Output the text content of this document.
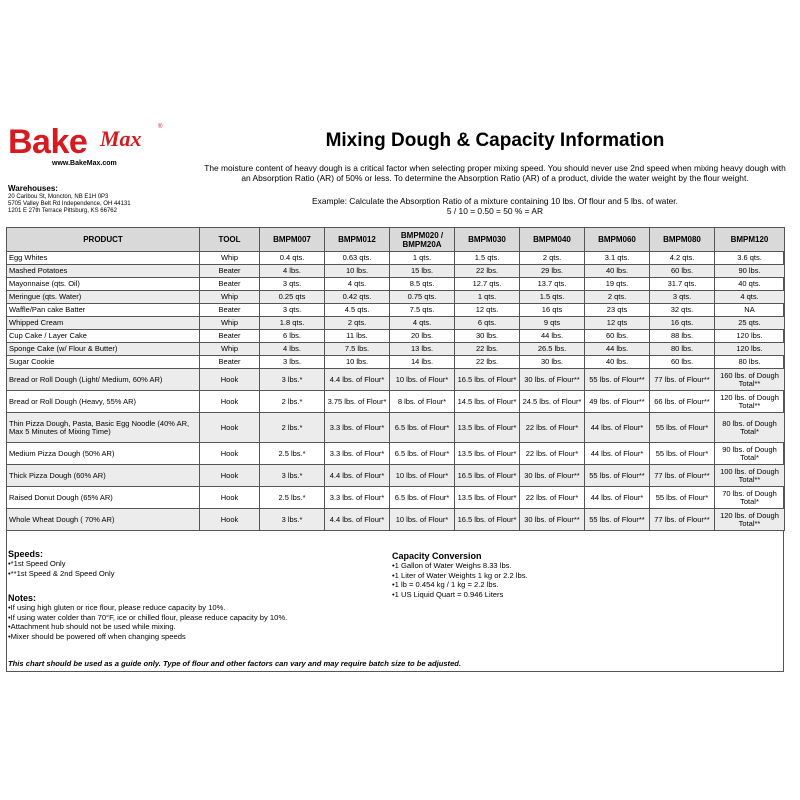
Bake Max	®
www.BakeMax.com
Mixing Dough & Capacity Information
The moisture content of heavy dough is a critical factor when selecting proper mixing speed. You should never use 2nd speed when mixing heavy dough with an Absorption Ratio (AR) of 50% or less. To determine the Absorption Ratio (AR) of a product, divide the water weight by the flour weight.
Example: Calculate the Absorption Ratio of a mixture containing 10 lbs. Of flour and 5 lbs. of water.
5 / 10 = 0.50 = 50 % = AR
Warehouses:
20 Caribou St, Moncton, NB E1H 0P3
5705 Valley Belt Rd Independence, OH 44131
1201 E 27th Terrace Pittsburg, KS 66762
PRODUCT	TOOL	BMPM007	BMPM012	BMPM020 / BMPM20A	BMPM030	BMPM040	BMPM060	BMPM080	BMPM120
Egg Whites	Whip	0.4 qts.	0.63 qts.	1 qts.	1.5 qts.	2 qts.	3.1 qts.	4.2 qts.	3.6 qts.
Mashed Potatoes	Beater	4 lbs.	10 lbs.	15 lbs.	22 lbs.	29 lbs.	40 lbs.	60 lbs.	90 lbs.
Mayonnaise (qts. Oil)	Beater	3 qts.	4 qts.	8.5 qts.	12.7 qts.	13.7 qts.	19 qts.	31.7 qts.	40 qts.
Meringue (qts. Water)	Whip	0.25 qts	0.42 qts.	0.75 qts.	1 qts.	1.5 qts.	2 qts.	3 qts.	4 qts.
Waffle/Pan cake Batter	Beater	3 qts.	4.5 qts.	7.5 qts.	12 qts.	16 qts	23 qts	32 qts.	NA
Whipped Cream	Whip	1.8 qts.	2 qts.	4 qts.	6 qts.	9 qts	12 qts	16 qts.	25 qts.
Cup Cake / Layer Cake	Beater	6 lbs.	11 lbs.	20 lbs.	30 lbs.	44 lbs.	60 lbs.	88 lbs.	120 lbs.
Sponge Cake (w/ Flour & Butter)	Whip	4 lbs.	7.5 lbs.	13 lbs.	22 lbs.	26.5 lbs.	44 lbs.	80 lbs.	120 lbs.
Sugar Cookie	Beater	3 lbs.	10 lbs.	14 lbs.	22 lbs.	30 lbs.	40 lbs.	60 lbs.	80 lbs.
Bread or Roll Dough (Light/ Medium, 60% AR)	Hook	3 lbs.*	4.4 lbs. of Flour*	10 lbs. of Flour*	16.5 lbs. of Flour*	30 lbs. of Flour**	55 lbs. of Flour**	77 lbs. of Flour**	160 lbs. of Dough Total**
Bread or Roll Dough (Heavy, 55% AR)	Hook	2 lbs.*	3.75 lbs. of Flour*	8 lbs. of Flour*	14.5 lbs. of Flour*	24.5 lbs. of Flour*	49 lbs. of Flour**	66 lbs. of Flour**	120 lbs. of Dough Total**
Thin Pizza Dough, Pasta, Basic Egg Noodle (40% AR, Max 5 Minutes of Mixing Time)	Hook	2 lbs.*	3.3 lbs. of Flour*	6.5 lbs. of Flour*	13.5 lbs. of Flour*	22 lbs. of Flour*	44 lbs. of Flour*	55 lbs. of Flour*	80 lbs. of Dough Total*
Medium Pizza Dough (50% AR)	Hook	2.5 lbs.*	3.3 lbs. of Flour*	6.5 lbs. of Flour*	13.5 lbs. of Flour*	22 lbs. of Flour*	44 lbs. of Flour*	55 lbs. of Flour*	90 lbs. of Dough Total*
Thick Pizza Dough (60% AR)	Hook	3 lbs.*	4.4 lbs. of Flour*	10 lbs. of Flour*	16.5 lbs. of Flour*	30 lbs. of Flour**	55 lbs. of Flour**	77 lbs. of Flour**	100 lbs. of Dough Total**
Raised Donut Dough (65% AR)	Hook	2.5 lbs.*	3.3 lbs. of Flour*	6.5 lbs. of Flour*	13.5 lbs. of Flour*	22 lbs. of Flour*	44 lbs. of Flour*	55 lbs. of Flour*	70 lbs. of Dough Total*
Whole Wheat Dough ( 70% AR)	Hook	3 lbs.*	4.4 lbs. of Flour*	10 lbs. of Flour*	16.5 lbs. of Flour*	30 lbs. of Flour**	55 lbs. of Flour**	77 lbs. of Flour**	120 lbs. of Dough Total**
Speeds:
•*1st Speed Only
•**1st Speed & 2nd Speed Only
Notes:
•If using high gluten or rice flour, please reduce capacity by 10%.
•If using water colder than 70°F, ice or chilled flour, please reduce capacity by 10%.
•Attachment hub should not be used while mixing.
•Mixer should be powered off when changing speeds
Capacity Conversion
•1 Gallon of Water Weighs 8.33 lbs.
•1 Liter of Water Weights 1 kg or 2.2 lbs.
•1 lb = 0.454 kg / 1 kg = 2.2 lbs.
•1 US Liquid Quart = 0.946 Liters
This chart should be used as a guide only. Type of flour and other factors can vary and may require batch size to be adjusted.
